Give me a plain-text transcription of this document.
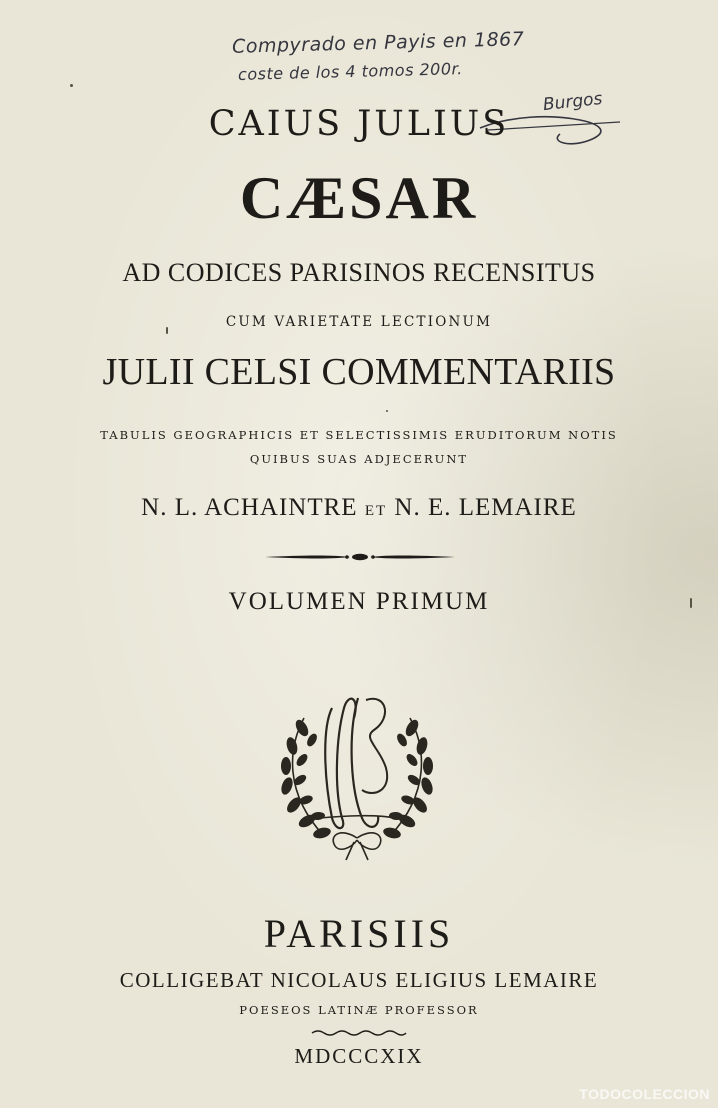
Compyrado en Payis en 1867
coste de los 4 tomos 200r.
Burgos
CAIUS JULIUS
CÆSAR
AD CODICES PARISINOS RECENSITUS
CUM VARIETATE LECTIONUM
JULII CELSI COMMENTARIIS
TABULIS GEOGRAPHICIS ET SELECTISSIMIS ERUDITORUM NOTIS
QUIBUS SUAS ADJECERUNT
N. L. ACHAINTRE ET N. E. LEMAIRE
VOLUMEN PRIMUM
NLE
PARISIIS
COLLIGEBAT NICOLAUS ELIGIUS LEMAIRE
POESEOS LATINÆ PROFESSOR
MDCCCXIX
TODOCOLECCION
